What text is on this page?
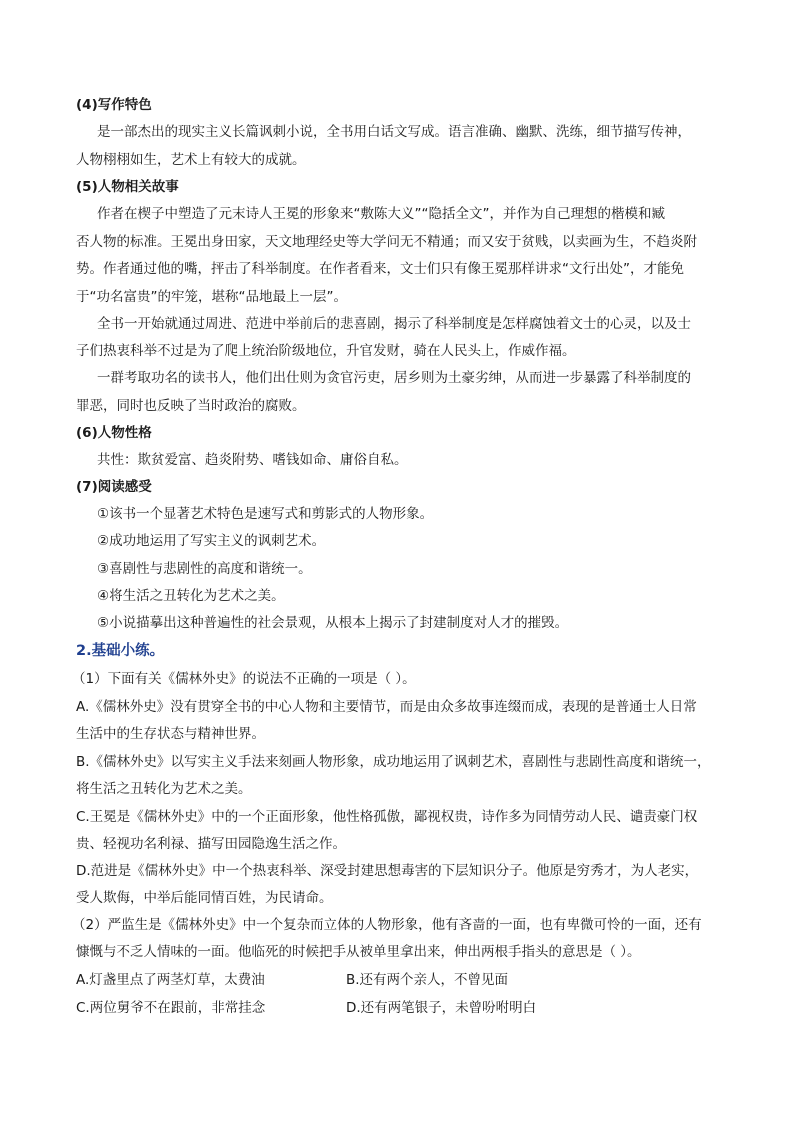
(4)写作特色
是一部杰出的现实主义长篇讽刺小说，全书用白话文写成。语言准确、幽默、洗练，细节描写传神，
人物栩栩如生，艺术上有较大的成就。
(5)人物相关故事
作者在楔子中塑造了元末诗人王冕的形象来“敷陈大义”“隐括全文”，并作为自己理想的楷模和臧
否人物的标准。王冕出身田家，天文地理经史等大学问无不精通；而又安于贫贱，以卖画为生，不趋炎附
势。作者通过他的嘴，抨击了科举制度。在作者看来，文士们只有像王冕那样讲求“文行出处”，才能免
于“功名富贵”的牢笼，堪称“品地最上一层”。
全书一开始就通过周进、范进中举前后的悲喜剧，揭示了科举制度是怎样腐蚀着文士的心灵，以及士
子们热衷科举不过是为了爬上统治阶级地位，升官发财，骑在人民头上，作威作福。
一群考取功名的读书人，他们出仕则为贪官污吏，居乡则为土豪劣绅，从而进一步暴露了科举制度的
罪恶，同时也反映了当时政治的腐败。
(6)人物性格
共性：欺贫爱富、趋炎附势、嗜钱如命、庸俗自私。
(7)阅读感受
①该书一个显著艺术特色是速写式和剪影式的人物形象。
②成功地运用了写实主义的讽刺艺术。
③喜剧性与悲剧性的高度和谐统一。
④将生活之丑转化为艺术之美。
⑤小说描摹出这种普遍性的社会景观，从根本上揭示了封建制度对人才的摧毁。
2.基础小练。
（1）下面有关《儒林外史》的说法不正确的一项是（ ）。
A.《儒林外史》没有贯穿全书的中心人物和主要情节，而是由众多故事连缀而成，表现的是普通士人日常
生活中的生存状态与精神世界。
B.《儒林外史》以写实主义手法来刻画人物形象，成功地运用了讽刺艺术，喜剧性与悲剧性高度和谐统一，
将生活之丑转化为艺术之美。
C.王冕是《儒林外史》中的一个正面形象，他性格孤傲，鄙视权贵，诗作多为同情劳动人民、谴责豪门权
贵、轻视功名利禄、描写田园隐逸生活之作。
D.范进是《儒林外史》中一个热衷科举、深受封建思想毒害的下层知识分子。他原是穷秀才，为人老实，
受人欺侮，中举后能同情百姓，为民请命。
（2）严监生是《儒林外史》中一个复杂而立体的人物形象，他有吝啬的一面，也有卑微可怜的一面，还有
慷慨与不乏人情味的一面。他临死的时候把手从被单里拿出来，伸出两根手指头的意思是（ ）。
A.灯盏里点了两茎灯草，太费油	B.还有两个亲人，不曾见面
C.两位舅爷不在跟前，非常挂念	D.还有两笔银子，未曾吩咐明白
